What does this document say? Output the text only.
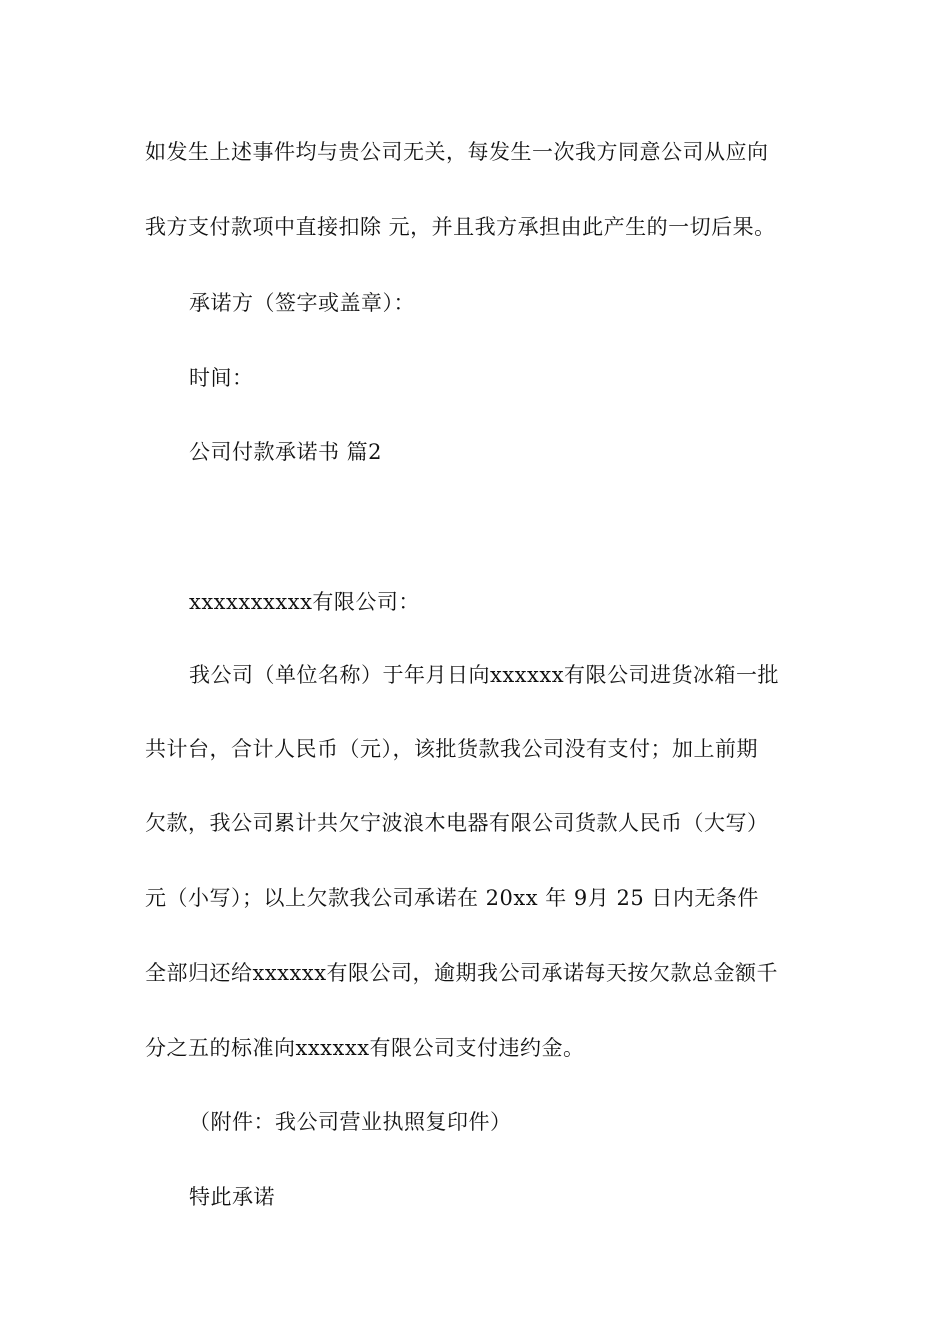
如发生上述事件均与贵公司无关，每发生一次我方同意公司从应向
我方支付款项中直接扣除 元，并且我方承担由此产生的一切后果。
承诺方（签字或盖章）：
时间：
公司付款承诺书 篇2
xxxxxxxxxx有限公司：
我公司（单位名称）于年月日向xxxxxx有限公司进货冰箱一批
共计台，合计人民币（元），该批货款我公司没有支付；加上前期
欠款，我公司累计共欠宁波浪木电器有限公司货款人民币（大写）
元（小写）；以上欠款我公司承诺在 20xx 年 9月 25 日内无条件
全部归还给xxxxxx有限公司，逾期我公司承诺每天按欠款总金额千
分之五的标准向xxxxxx有限公司支付违约金。
（附件：我公司营业执照复印件）
特此承诺
